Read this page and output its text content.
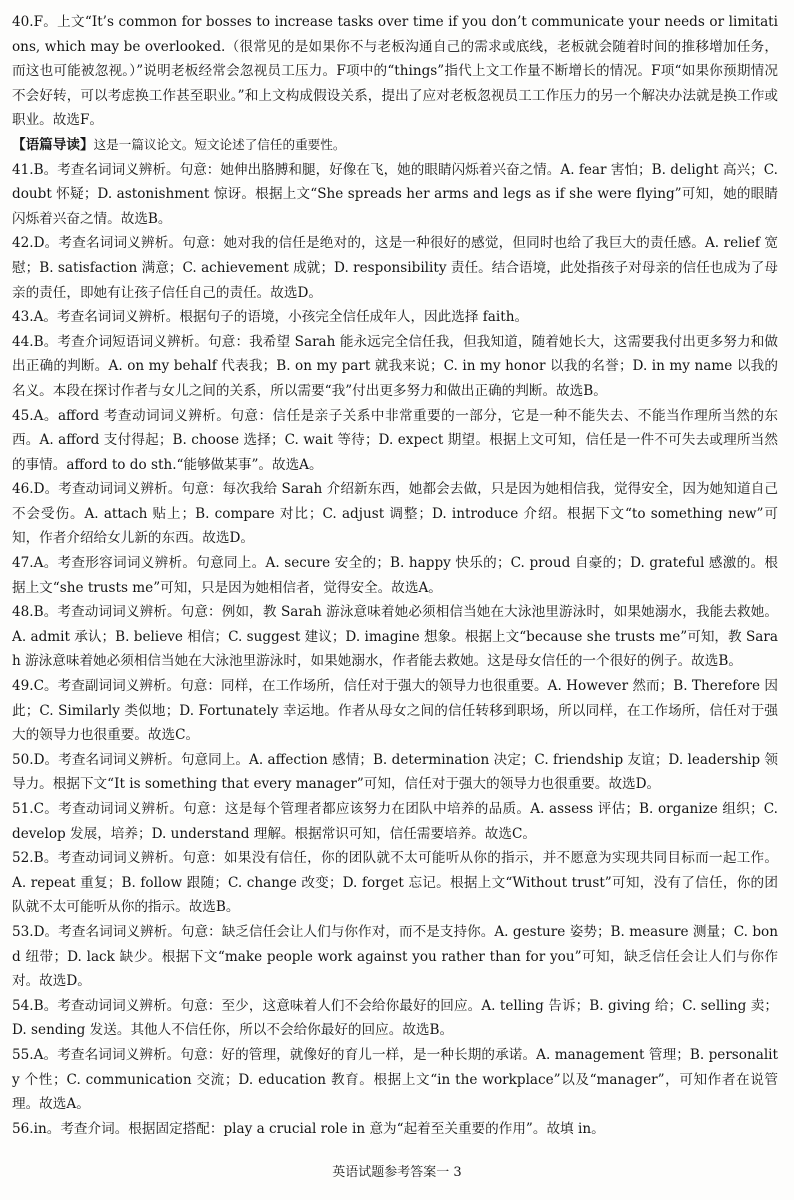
40.F。上文“It’s common for bosses to increase tasks over time if you don’t communicate your needs or limitations, which may be overlooked.（很常见的是如果你不与老板沟通自己的需求或底线，老板就会随着时间的推移增加任务，而这也可能被忽视。）”说明老板经常会忽视员工压力。F项中的“things”指代上文工作量不断增长的情况。F项“如果你预期情况不会好转，可以考虑换工作甚至职业。”和上文构成假设关系，提出了应对老板忽视员工工作压力的另一个解决办法就是换工作或职业。故选F。

【语篇导读】这是一篇议论文。短文论述了信任的重要性。

41.B。考查名词词义辨析。句意：她伸出胳膊和腿，好像在飞，她的眼睛闪烁着兴奋之情。A. fear 害怕；B. delight 高兴；C. doubt 怀疑；D. astonishment 惊讶。根据上文“She spreads her arms and legs as if she were flying”可知，她的眼睛闪烁着兴奋之情。故选B。

42.D。考查名词词义辨析。句意：她对我的信任是绝对的，这是一种很好的感觉，但同时也给了我巨大的责任感。A. relief 宽慰；B. satisfaction 满意；C. achievement 成就；D. responsibility 责任。结合语境，此处指孩子对母亲的信任也成为了母亲的责任，即她有让孩子信任自己的责任。故选D。

43.A。考查名词词义辨析。根据句子的语境，小孩完全信任成年人，因此选择 faith。

44.B。考查介词短语词义辨析。句意：我希望 Sarah 能永远完全信任我，但我知道，随着她长大，这需要我付出更多努力和做出正确的判断。A. on my behalf 代表我；B. on my part 就我来说；C. in my honor 以我的名誉；D. in my name 以我的名义。本段在探讨作者与女儿之间的关系，所以需要“我”付出更多努力和做出正确的判断。故选B。

45.A。afford 考查动词词义辨析。句意：信任是亲子关系中非常重要的一部分，它是一种不能失去、不能当作理所当然的东西。A. afford 支付得起；B. choose 选择；C. wait 等待；D. expect 期望。根据上文可知，信任是一件不可失去或理所当然的事情。afford to do sth.“能够做某事”。故选A。

46.D。考查动词词义辨析。句意：每次我给 Sarah 介绍新东西，她都会去做，只是因为她相信我，觉得安全，因为她知道自己不会受伤。A. attach 贴上；B. compare 对比；C. adjust 调整；D. introduce 介绍。根据下文“to something new”可知，作者介绍给女儿新的东西。故选D。

47.A。考查形容词词义辨析。句意同上。A. secure 安全的；B. happy 快乐的；C. proud 自豪的；D. grateful 感激的。根据上文“she trusts me”可知，只是因为她相信者，觉得安全。故选A。

48.B。考查动词词义辨析。句意：例如，教 Sarah 游泳意味着她必须相信当她在大泳池里游泳时，如果她溺水，我能去救她。A. admit 承认；B. believe 相信；C. suggest 建议；D. imagine 想象。根据上文“because she trusts me”可知，教 Sarah 游泳意味着她必须相信当她在大泳池里游泳时，如果她溺水，作者能去救她。这是母女信任的一个很好的例子。故选B。

49.C。考查副词词义辨析。句意：同样，在工作场所，信任对于强大的领导力也很重要。A. However 然而；B. Therefore 因此；C. Similarly 类似地；D. Fortunately 幸运地。作者从母女之间的信任转移到职场，所以同样，在工作场所，信任对于强大的领导力也很重要。故选C。

50.D。考查名词词义辨析。句意同上。A. affection 感情；B. determination 决定；C. friendship 友谊；D. leadership 领导力。根据下文“It is something that every manager”可知，信任对于强大的领导力也很重要。故选D。

51.C。考查动词词义辨析。句意：这是每个管理者都应该努力在团队中培养的品质。A. assess 评估；B. organize 组织；C. develop 发展，培养；D. understand 理解。根据常识可知，信任需要培养。故选C。

52.B。考查动词词义辨析。句意：如果没有信任，你的团队就不太可能听从你的指示，并不愿意为实现共同目标而一起工作。A. repeat 重复；B. follow 跟随；C. change 改变；D. forget 忘记。根据上文“Without trust”可知，没有了信任，你的团队就不太可能听从你的指示。故选B。

53.D。考查名词词义辨析。句意：缺乏信任会让人们与你作对，而不是支持你。A. gesture 姿势；B. measure 测量；C. bond 纽带；D. lack 缺少。根据下文“make people work against you rather than for you”可知，缺乏信任会让人们与你作对。故选D。

54.B。考查动词词义辨析。句意：至少，这意味着人们不会给你最好的回应。A. telling 告诉；B. giving 给；C. selling 卖；D. sending 发送。其他人不信任你，所以不会给你最好的回应。故选B。

55.A。考查名词词义辨析。句意：好的管理，就像好的育儿一样，是一种长期的承诺。A. management 管理；B. personality 个性；C. communication 交流；D. education 教育。根据上文“in the workplace”以及“manager”，可知作者在说管理。故选A。

56.in。考查介词。根据固定搭配：play a crucial role in 意为“起着至关重要的作用”。故填 in。

英语试题参考答案一 3
